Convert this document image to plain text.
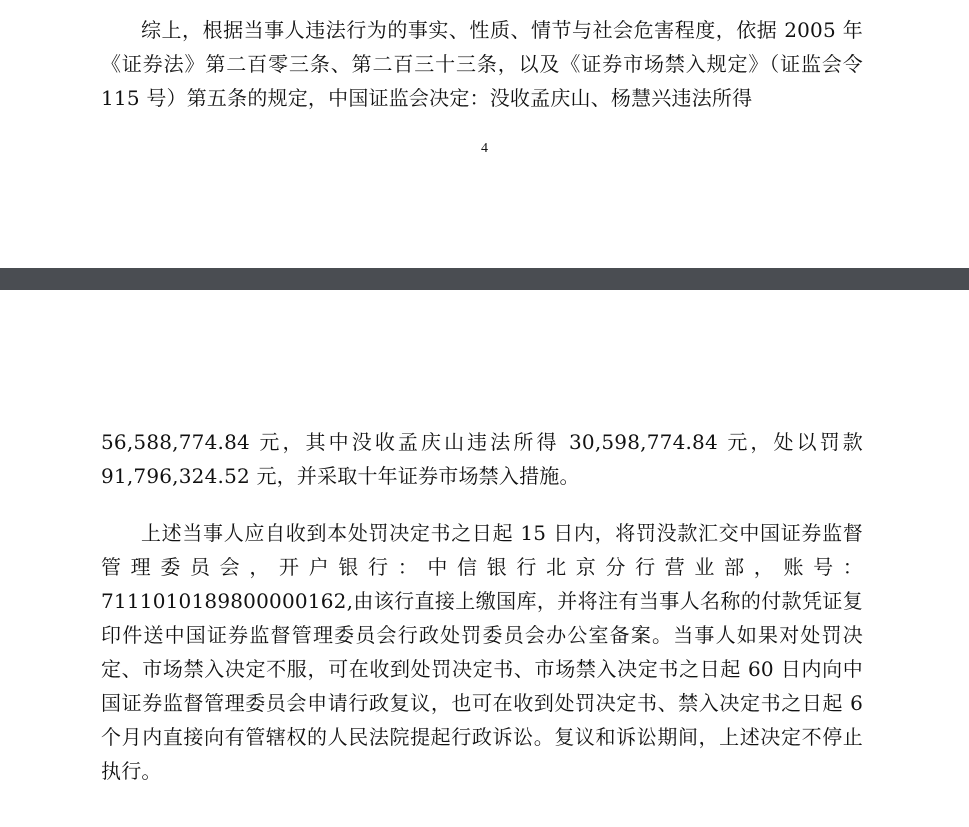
综上，根据当事人违法行为的事实、性质、情节与社会危害程度，依据 2005 年《证券法》第二百零三条、第二百三十三条，以及《证券市场禁入规定》（证监会令 115 号）第五条的规定，中国证监会决定：没收孟庆山、杨慧兴违法所得

4

56,588,774.84 元，其中没收孟庆山违法所得 30,598,774.84 元，处以罚款 91,796,324.52 元，并采取十年证券市场禁入措施。

上述当事人应自收到本处罚决定书之日起 15 日内，将罚没款汇交中国证券监督管理委员会，开户银行：中信银行北京分行营业部，账号：7111010189800000162,由该行直接上缴国库，并将注有当事人名称的付款凭证复印件送中国证券监督管理委员会行政处罚委员会办公室备案。当事人如果对处罚决定、市场禁入决定不服，可在收到处罚决定书、市场禁入决定书之日起 60 日内向中国证券监督管理委员会申请行政复议，也可在收到处罚决定书、禁入决定书之日起 6 个月内直接向有管辖权的人民法院提起行政诉讼。复议和诉讼期间，上述决定不停止执行。
